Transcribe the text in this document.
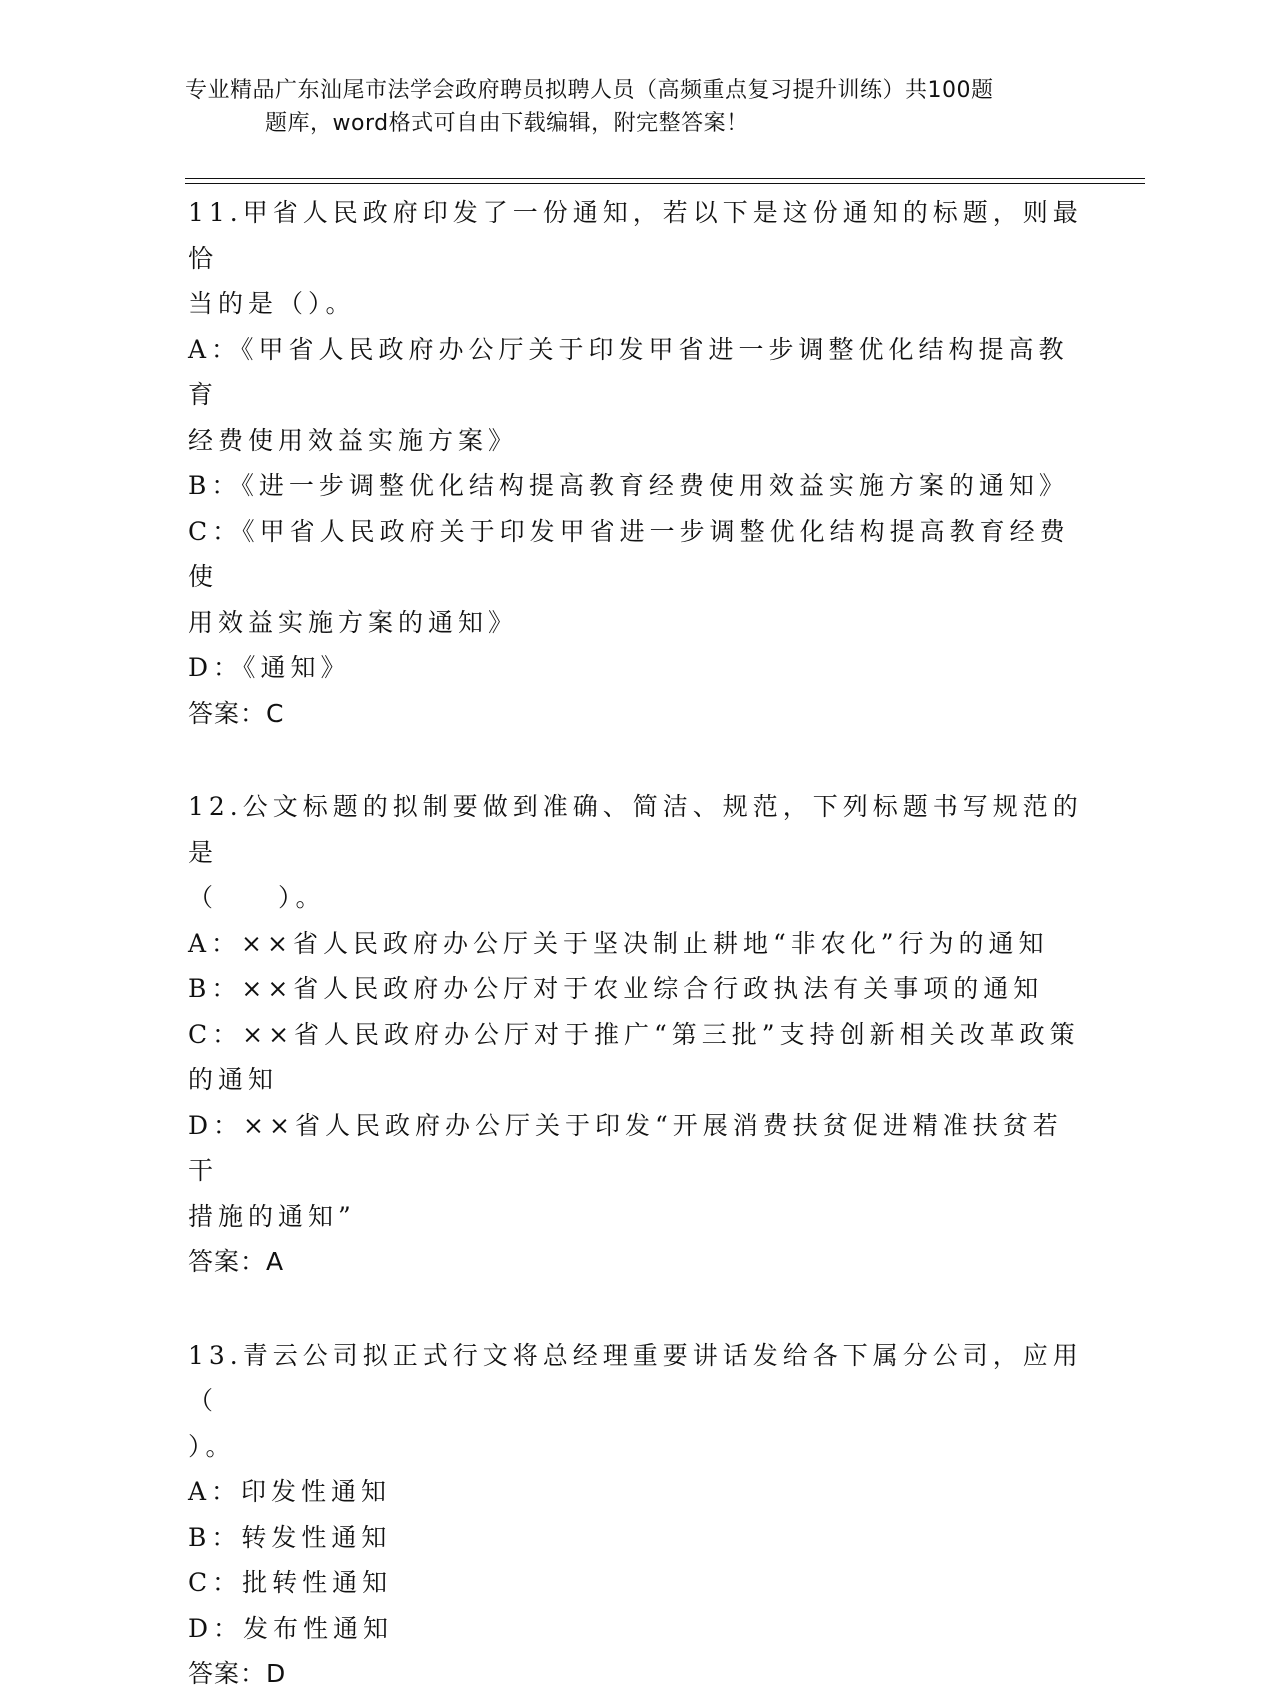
专业精品广东汕尾市法学会政府聘员拟聘人员（高频重点复习提升训练）共100题
题库，word格式可自由下载编辑，附完整答案！

11.甲省人民政府印发了一份通知，若以下是这份通知的标题，则最恰

当的是（）。

A：《甲省人民政府办公厅关于印发甲省进一步调整优化结构提高教育

经费使用效益实施方案》

B：《进一步调整优化结构提高教育经费使用效益实施方案的通知》

C：《甲省人民政府关于印发甲省进一步调整优化结构提高教育经费使

用效益实施方案的通知》

D：《通知》

答案：C

12.公文标题的拟制要做到准确、简洁、规范，下列标题书写规范的是

（　　）。

A：××省人民政府办公厅关于坚决制止耕地“非农化”行为的通知

B：××省人民政府办公厅对于农业综合行政执法有关事项的通知

C：××省人民政府办公厅对于推广“第三批”支持创新相关改革政策

的通知

D：××省人民政府办公厅关于印发“开展消费扶贫促进精准扶贫若干

措施的通知”

答案：A

13.青云公司拟正式行文将总经理重要讲话发给各下属分公司，应用（

）。

A：印发性通知

B：转发性通知

C：批转性通知

D：发布性通知

答案：D
